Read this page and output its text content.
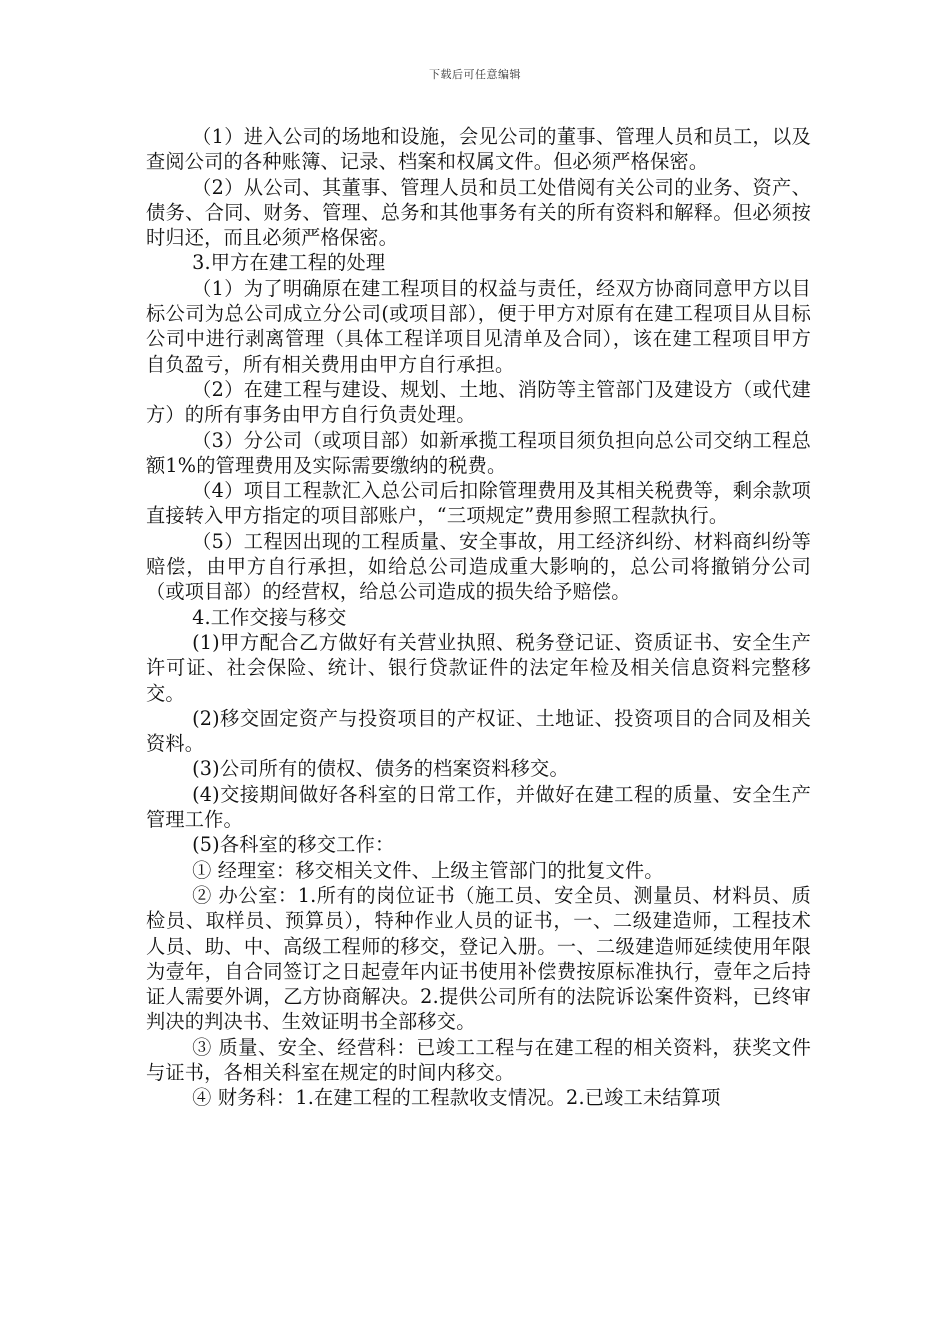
下载后可任意编辑

（1）进入公司的场地和设施，会见公司的董事、管理人员和员工，以及查阅公司的各种账簿、记录、档案和权属文件。但必须严格保密。

（2）从公司、其董事、管理人员和员工处借阅有关公司的业务、资产、债务、合同、财务、管理、总务和其他事务有关的所有资料和解释。但必须按时归还，而且必须严格保密。

3.甲方在建工程的处理

（1）为了明确原在建工程项目的权益与责任，经双方协商同意甲方以目标公司为总公司成立分公司(或项目部），便于甲方对原有在建工程项目从目标公司中进行剥离管理（具体工程详项目见清单及合同），该在建工程项目甲方自负盈亏，所有相关费用由甲方自行承担。

（2）在建工程与建设、规划、土地、消防等主管部门及建设方（或代建方）的所有事务由甲方自行负责处理。

（3）分公司（或项目部）如新承揽工程项目须负担向总公司交纳工程总额1%的管理费用及实际需要缴纳的税费。

（4）项目工程款汇入总公司后扣除管理费用及其相关税费等，剩余款项直接转入甲方指定的项目部账户，“三项规定”费用参照工程款执行。

（5）工程因出现的工程质量、安全事故，用工经济纠纷、材料商纠纷等赔偿，由甲方自行承担，如给总公司造成重大影响的，总公司将撤销分公司（或项目部）的经营权，给总公司造成的损失给予赔偿。

4.工作交接与移交

(1)甲方配合乙方做好有关营业执照、税务登记证、资质证书、安全生产许可证、社会保险、统计、银行贷款证件的法定年检及相关信息资料完整移交。

(2)移交固定资产与投资项目的产权证、土地证、投资项目的合同及相关资料。

(3)公司所有的债权、债务的档案资料移交。

(4)交接期间做好各科室的日常工作，并做好在建工程的质量、安全生产管理工作。

(5)各科室的移交工作：

① 经理室：移交相关文件、上级主管部门的批复文件。

② 办公室：1.所有的岗位证书（施工员、安全员、测量员、材料员、质检员、取样员、预算员），特种作业人员的证书，一、二级建造师，工程技术人员、助、中、高级工程师的移交，登记入册。一、二级建造师延续使用年限为壹年，自合同签订之日起壹年内证书使用补偿费按原标准执行，壹年之后持证人需要外调，乙方协商解决。2.提供公司所有的法院诉讼案件资料，已终审判决的判决书、生效证明书全部移交。

③ 质量、安全、经营科：已竣工工程与在建工程的相关资料，获奖文件与证书，各相关科室在规定的时间内移交。

④ 财务科：1.在建工程的工程款收支情况。2.已竣工未结算项
